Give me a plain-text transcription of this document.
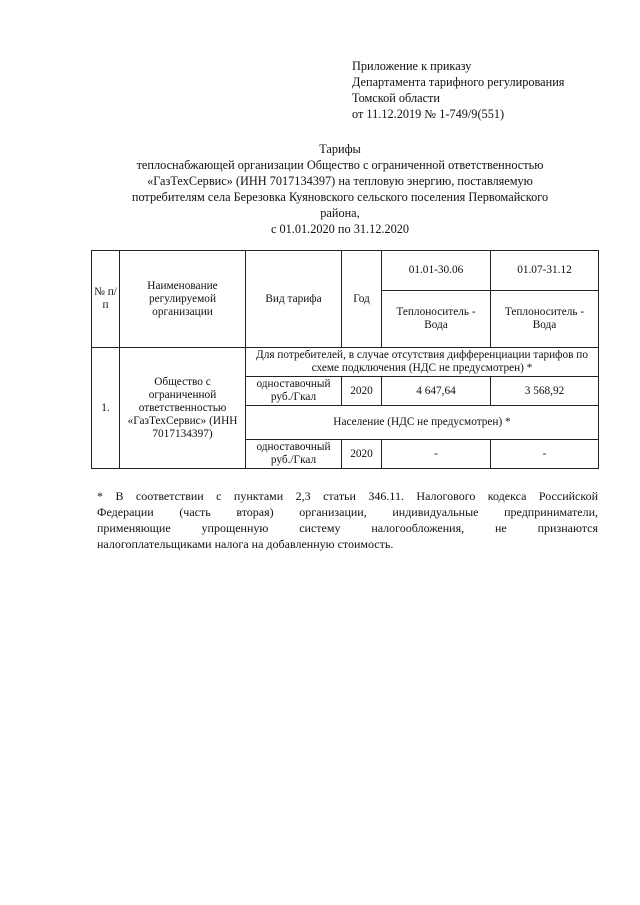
Приложение к приказу
Департамента тарифного регулирования
Томской области
от 11.12.2019 № 1-749/9(551)
Тарифы
теплоснабжающей организации Общество с ограниченной ответственностью
«ГазТехСервис» (ИНН 7017134397) на тепловую энергию, поставляемую
потребителям села Березовка Куяновского сельского поселения Первомайского
района,
с 01.01.2020 по 31.12.2020
№ п/п	Наименование регулируемой организации	Вид тарифа	Год	01.01-30.06	01.07-31.12
				Теплоноситель - Вода	Теплоноситель - Вода
1.	Общество с ограниченной ответственностью «ГазТехСервис» (ИНН 7017134397)	Для потребителей, в случае отсутствия дифференциации тарифов по схеме подключения (НДС не предусмотрен) *			
		одноставочный руб./Гкал	2020	4 647,64	3 568,92
		Население (НДС не предусмотрен) *			
		одноставочный руб./Гкал	2020	-	-
* В соответствии с пунктами 2,3 статьи 346.11. Налогового кодекса Российской
Федерации (часть вторая) организации, индивидуальные предприниматели,
применяющие упрощенную систему налогообложения, не признаются
налогоплательщиками налога на добавленную стоимость.
